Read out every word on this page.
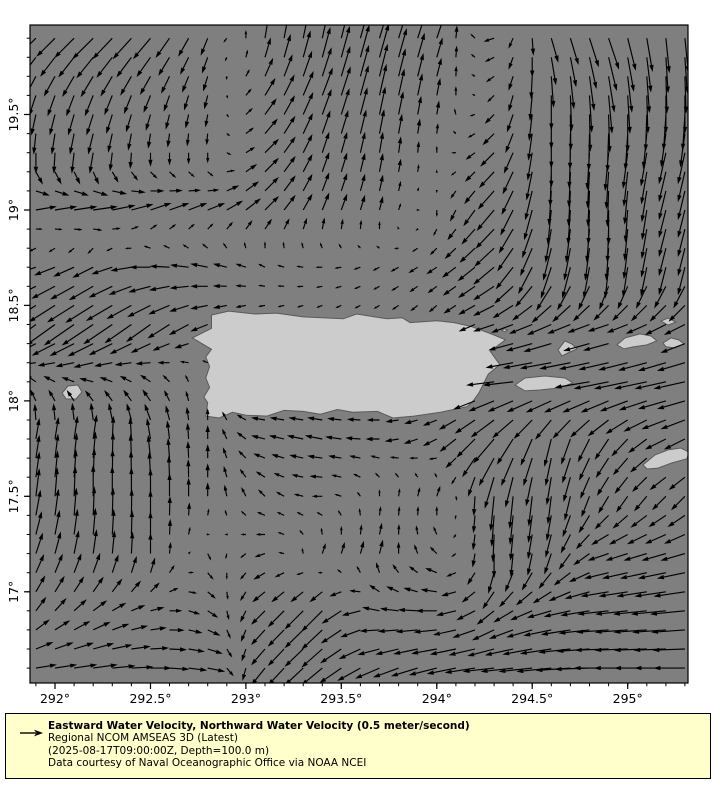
292°	292.5°	293°	293.5°	294°	294.5°	295°
17°
17.5°
18°
18.5°
19°
19.5°
Eastward Water Velocity, Northward Water Velocity (0.5 meter/second)
Regional NCOM AMSEAS 3D (Latest)
(2025-08-17T09:00:00Z, Depth=100.0 m)
Data courtesy of Naval Oceanographic Office via NOAA NCEI
